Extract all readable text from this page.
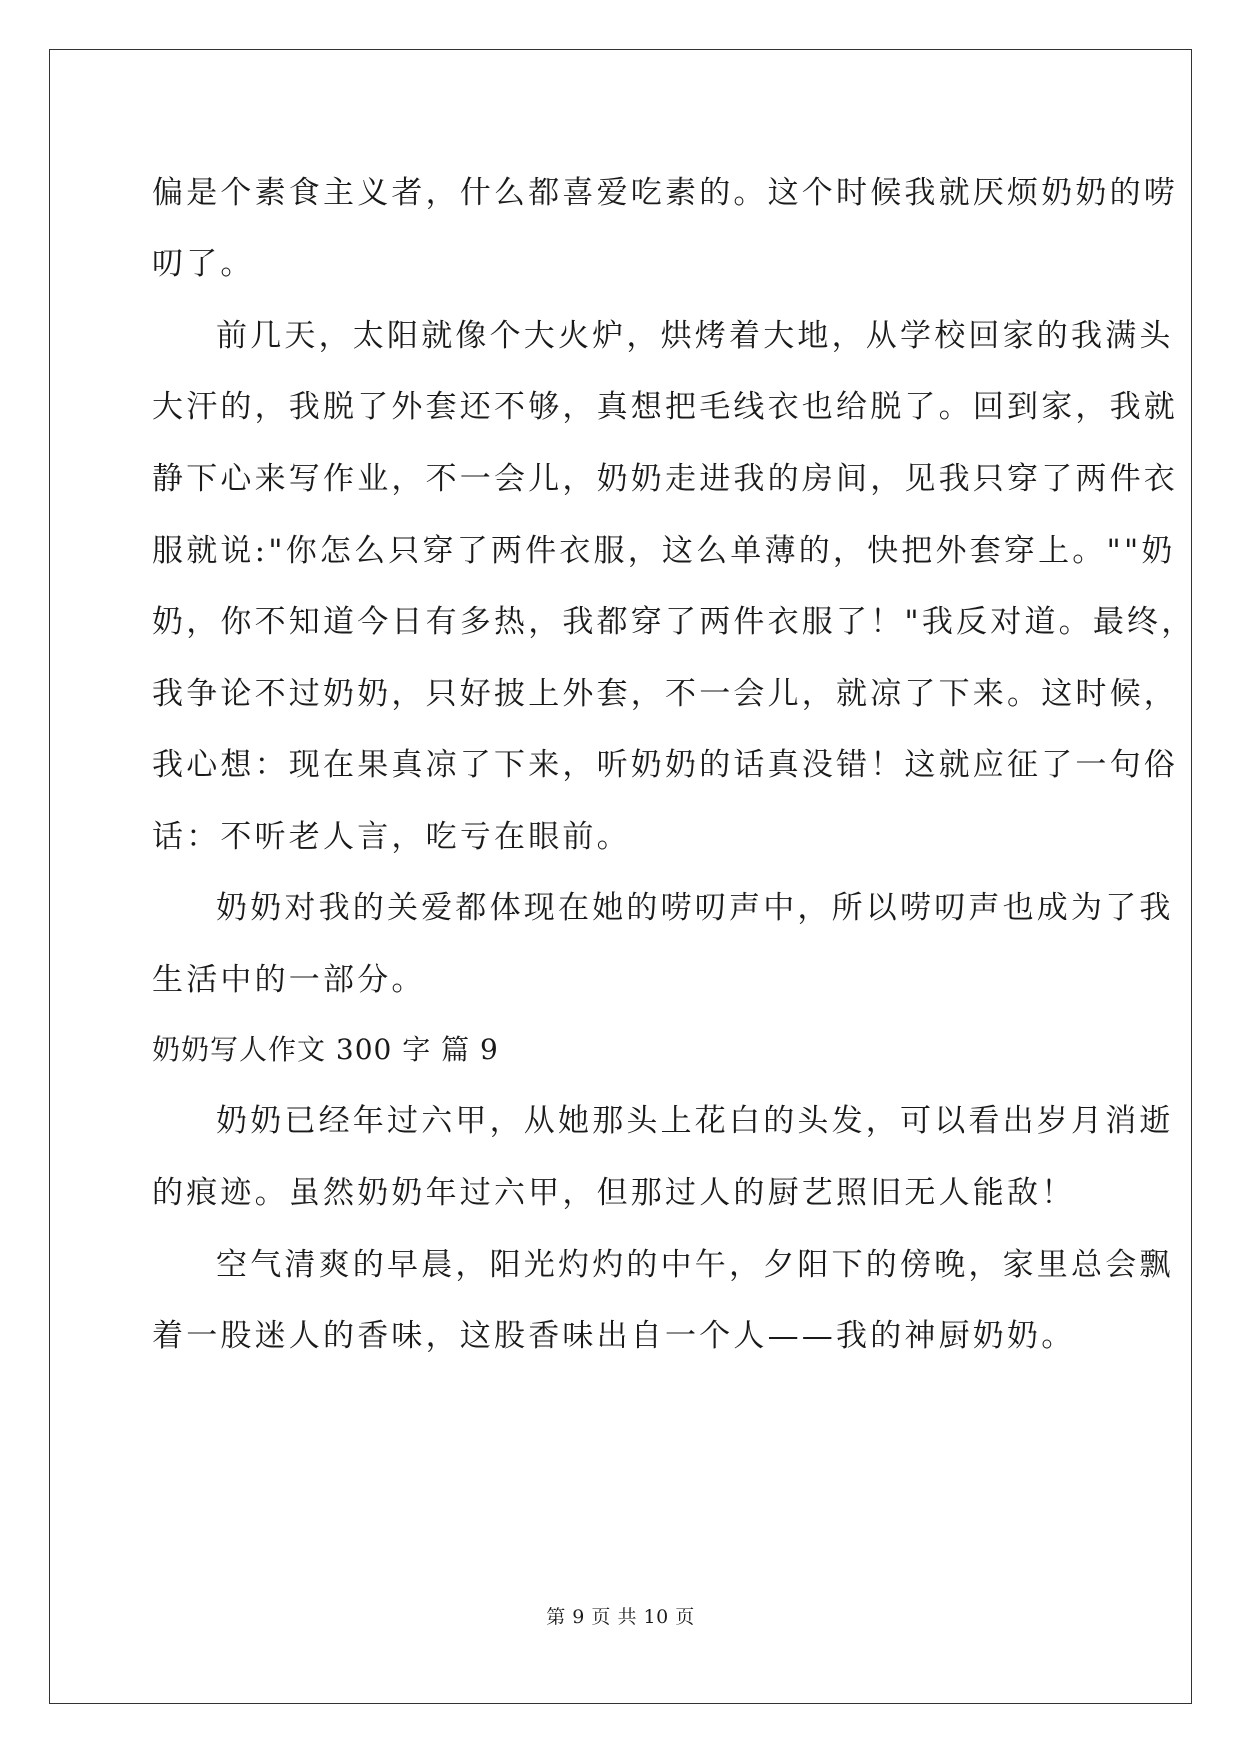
偏是个素食主义者，什么都喜爱吃素的。这个时候我就厌烦奶奶的唠
叨了。
前几天，太阳就像个大火炉，烘烤着大地，从学校回家的我满头
大汗的，我脱了外套还不够，真想把毛线衣也给脱了。回到家，我就
静下心来写作业，不一会儿，奶奶走进我的房间，见我只穿了两件衣
服就说:"你怎么只穿了两件衣服，这么单薄的，快把外套穿上。""奶
奶，你不知道今日有多热，我都穿了两件衣服了！"我反对道。最终，
我争论不过奶奶，只好披上外套，不一会儿，就凉了下来。这时候，
我心想：现在果真凉了下来，听奶奶的话真没错！这就应征了一句俗
话：不听老人言，吃亏在眼前。
奶奶对我的关爱都体现在她的唠叨声中，所以唠叨声也成为了我
生活中的一部分。
奶奶写人作文 300 字 篇 9
奶奶已经年过六甲，从她那头上花白的头发，可以看出岁月消逝
的痕迹。虽然奶奶年过六甲，但那过人的厨艺照旧无人能敌！
空气清爽的早晨，阳光灼灼的中午，夕阳下的傍晚，家里总会飘
着一股迷人的香味，这股香味出自一个人——我的神厨奶奶。
第 9 页 共 10 页
